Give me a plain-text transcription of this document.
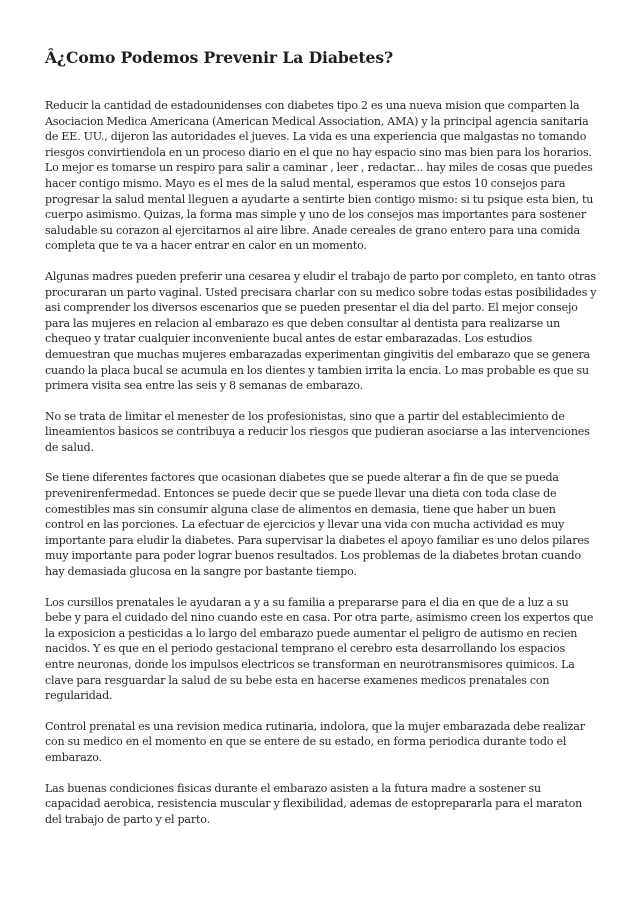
Â¿Como Podemos Prevenir La Diabetes?

Reducir la cantidad de estadounidenses con diabetes tipo 2 es una nueva mision que comparten la Asociacion Medica Americana (American Medical Association, AMA) y la principal agencia sanitaria de EE. UU., dijeron las autoridades el jueves. La vida es una experiencia que malgastas no tomando riesgos convirtiendola en un proceso diario en el que no hay espacio sino mas bien para los horarios. Lo mejor es tomarse un respiro para salir a caminar , leer , redactar... hay miles de cosas que puedes hacer contigo mismo. Mayo es el mes de la salud mental, esperamos que estos 10 consejos para progresar la salud mental lleguen a ayudarte a sentirte bien contigo mismo: si tu psique esta bien, tu cuerpo asimismo. Quizas, la forma mas simple y uno de los consejos mas importantes para sostener saludable su corazon al ejercitarnos al aire libre. Anade cereales de grano entero para una comida completa que te va a hacer entrar en calor en un momento.

Algunas madres pueden preferir una cesarea y eludir el trabajo de parto por completo, en tanto otras procuraran un parto vaginal. Usted precisara charlar con su medico sobre todas estas posibilidades y asi comprender los diversos escenarios que se pueden presentar el dia del parto. El mejor consejo para las mujeres en relacion al embarazo es que deben consultar al dentista para realizarse un chequeo y tratar cualquier inconveniente bucal antes de estar embarazadas. Los estudios demuestran que muchas mujeres embarazadas experimentan gingivitis del embarazo que se genera cuando la placa bucal se acumula en los dientes y tambien irrita la encia. Lo mas probable es que su primera visita sea entre las seis y 8 semanas de embarazo.

No se trata de limitar el menester de los profesionistas, sino que a partir del establecimiento de lineamientos basicos se contribuya a reducir los riesgos que pudieran asociarse a las intervenciones de salud.

Se tiene diferentes factores que ocasionan diabetes que se puede alterar a fin de que se pueda prevenirenfermedad. Entonces se puede decir que se puede llevar una dieta con toda clase de comestibles mas sin consumir alguna clase de alimentos en demasia, tiene que haber un buen control en las porciones. La efectuar de ejercicios y llevar una vida con mucha actividad es muy importante para eludir la diabetes. Para supervisar la diabetes el apoyo familiar es uno delos pilares muy importante para poder lograr buenos resultados. Los problemas de la diabetes brotan cuando hay demasiada glucosa en la sangre por bastante tiempo.

Los cursillos prenatales le ayudaran a y a su familia a prepararse para el dia en que de a luz a su bebe y para el cuidado del nino cuando este en casa. Por otra parte, asimismo creen los expertos que la exposicion a pesticidas a lo largo del embarazo puede aumentar el peligro de autismo en recien nacidos. Y es que en el periodo gestacional temprano el cerebro esta desarrollando los espacios entre neuronas, donde los impulsos electricos se transforman en neurotransmisores quimicos. La clave para resguardar la salud de su bebe esta en hacerse examenes medicos prenatales con regularidad.

Control prenatal es una revision medica rutinaria, indolora, que la mujer embarazada debe realizar con su medico en el momento en que se entere de su estado, en forma periodica durante todo el embarazo.

Las buenas condiciones fisicas durante el embarazo asisten a la futura madre a sostener su capacidad aerobica, resistencia muscular y flexibilidad, ademas de estoprepararla para el maraton del trabajo de parto y el parto.
